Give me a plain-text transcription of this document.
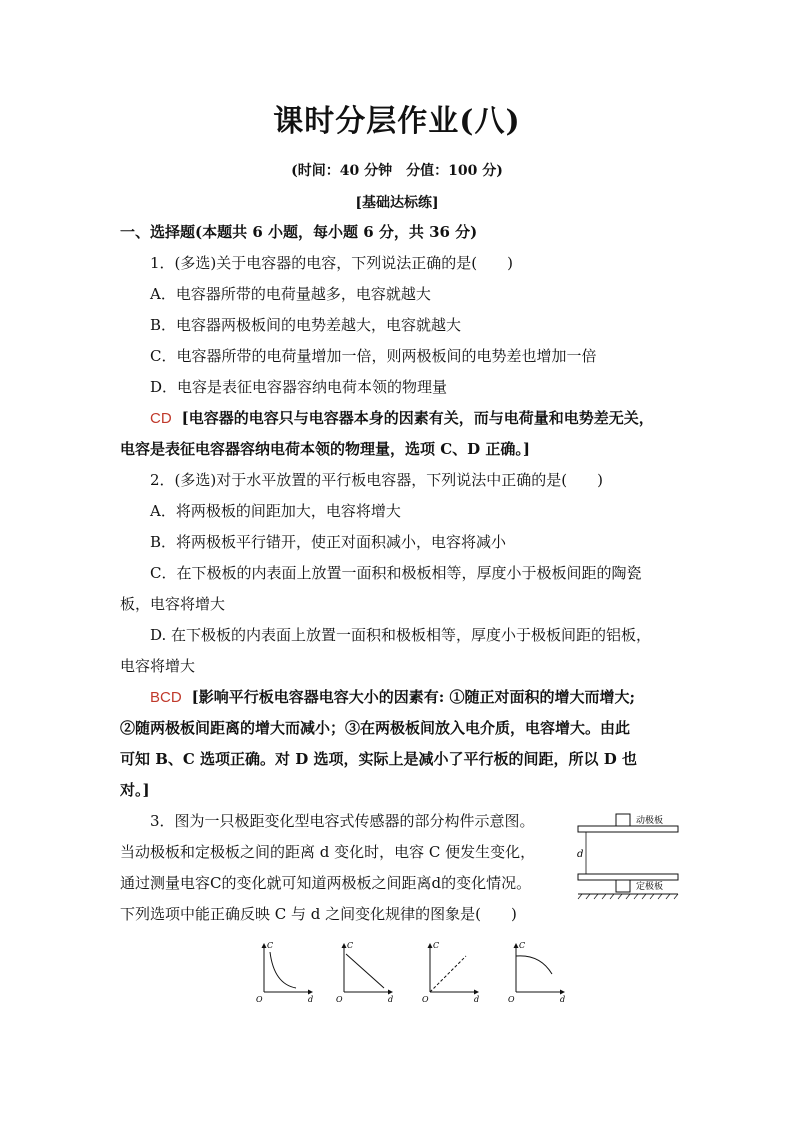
课时分层作业(八)
(时间：40 分钟　分值：100 分)
[基础达标练]
一、选择题(本题共 6 小题，每小题 6 分，共 36 分)
1．(多选)关于电容器的电容，下列说法正确的是(　　)
A．电容器所带的电荷量越多，电容就越大
B．电容器两极板间的电势差越大，电容就越大
C．电容器所带的电荷量增加一倍，则两极板间的电势差也增加一倍
D．电容是表征电容器容纳电荷本领的物理量
CD [电容器的电容只与电容器本身的因素有关，而与电荷量和电势差无关，
电容是表征电容器容纳电荷本领的物理量，选项 C、D 正确。]
2．(多选)对于水平放置的平行板电容器，下列说法中正确的是(　　)
A．将两极板的间距加大，电容将增大
B．将两极板平行错开，使正对面积减小，电容将减小
C．在下极板的内表面上放置一面积和极板相等，厚度小于极板间距的陶瓷
板，电容将增大
D. 在下极板的内表面上放置一面积和极板相等，厚度小于极板间距的铝板，
电容将增大
BCD [影响平行板电容器电容大小的因素有: ①随正对面积的增大而增大;
②随两极板间距离的增大而减小；③在两极板间放入电介质，电容增大。由此
可知 B、C 选项正确。对 D 选项，实际上是减小了平行板的间距，所以 D 也
对。]
3．图为一只极距变化型电容式传感器的部分构件示意图。
当动极板和定极板之间的距离 d 变化时，电容 C 便发生变化，
通过测量电容C的变化就可知道两极板之间距离d的变化情况。
下列选项中能正确反映 C 与 d 之间变化规律的图象是(　　)
动极板
d
定极板
C
d
O
C
d
O
C
d
O
C
d
O
